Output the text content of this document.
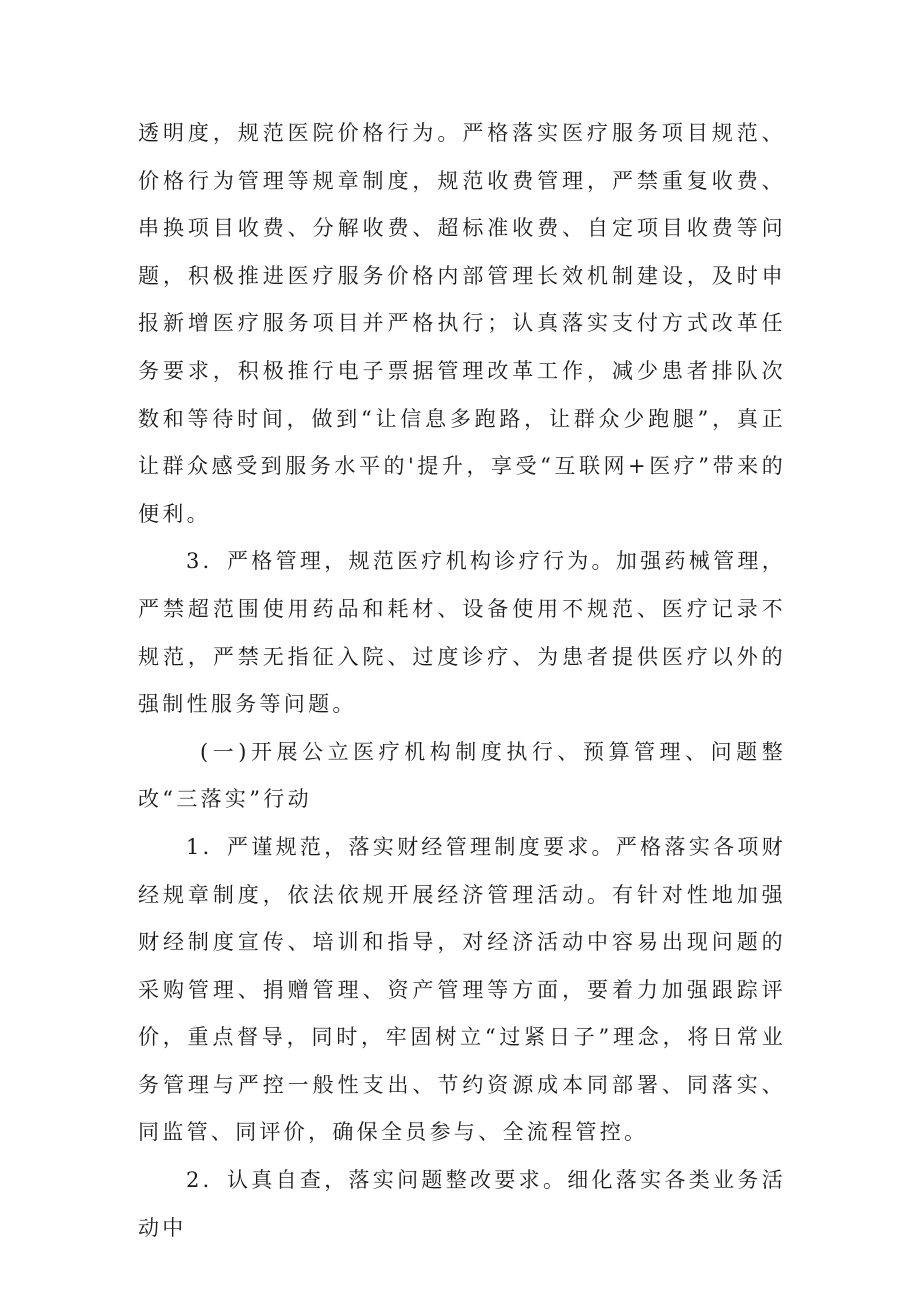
透明度，规范医院价格行为。严格落实医疗服务项目规范、价格行为管理等规章制度，规范收费管理，严禁重复收费、串换项目收费、分解收费、超标准收费、自定项目收费等问题，积极推进医疗服务价格内部管理长效机制建设，及时申报新增医疗服务项目并严格执行；认真落实支付方式改革任务要求，积极推行电子票据管理改革工作，减少患者排队次数和等待时间，做到“让信息多跑路，让群众少跑腿”，真正让群众感受到服务水平的'提升，享受“互联网+医疗”带来的便利。

3．严格管理，规范医疗机构诊疗行为。加强药械管理，严禁超范围使用药品和耗材、设备使用不规范、医疗记录不规范，严禁无指征入院、过度诊疗、为患者提供医疗以外的强制性服务等问题。

(一)开展公立医疗机构制度执行、预算管理、问题整改“三落实”行动

1．严谨规范，落实财经管理制度要求。严格落实各项财经规章制度，依法依规开展经济管理活动。有针对性地加强财经制度宣传、培训和指导，对经济活动中容易出现问题的采购管理、捐赠管理、资产管理等方面，要着力加强跟踪评价，重点督导，同时，牢固树立“过紧日子”理念，将日常业务管理与严控一般性支出、节约资源成本同部署、同落实、同监管、同评价，确保全员参与、全流程管控。

2．认真自查，落实问题整改要求。细化落实各类业务活动中
